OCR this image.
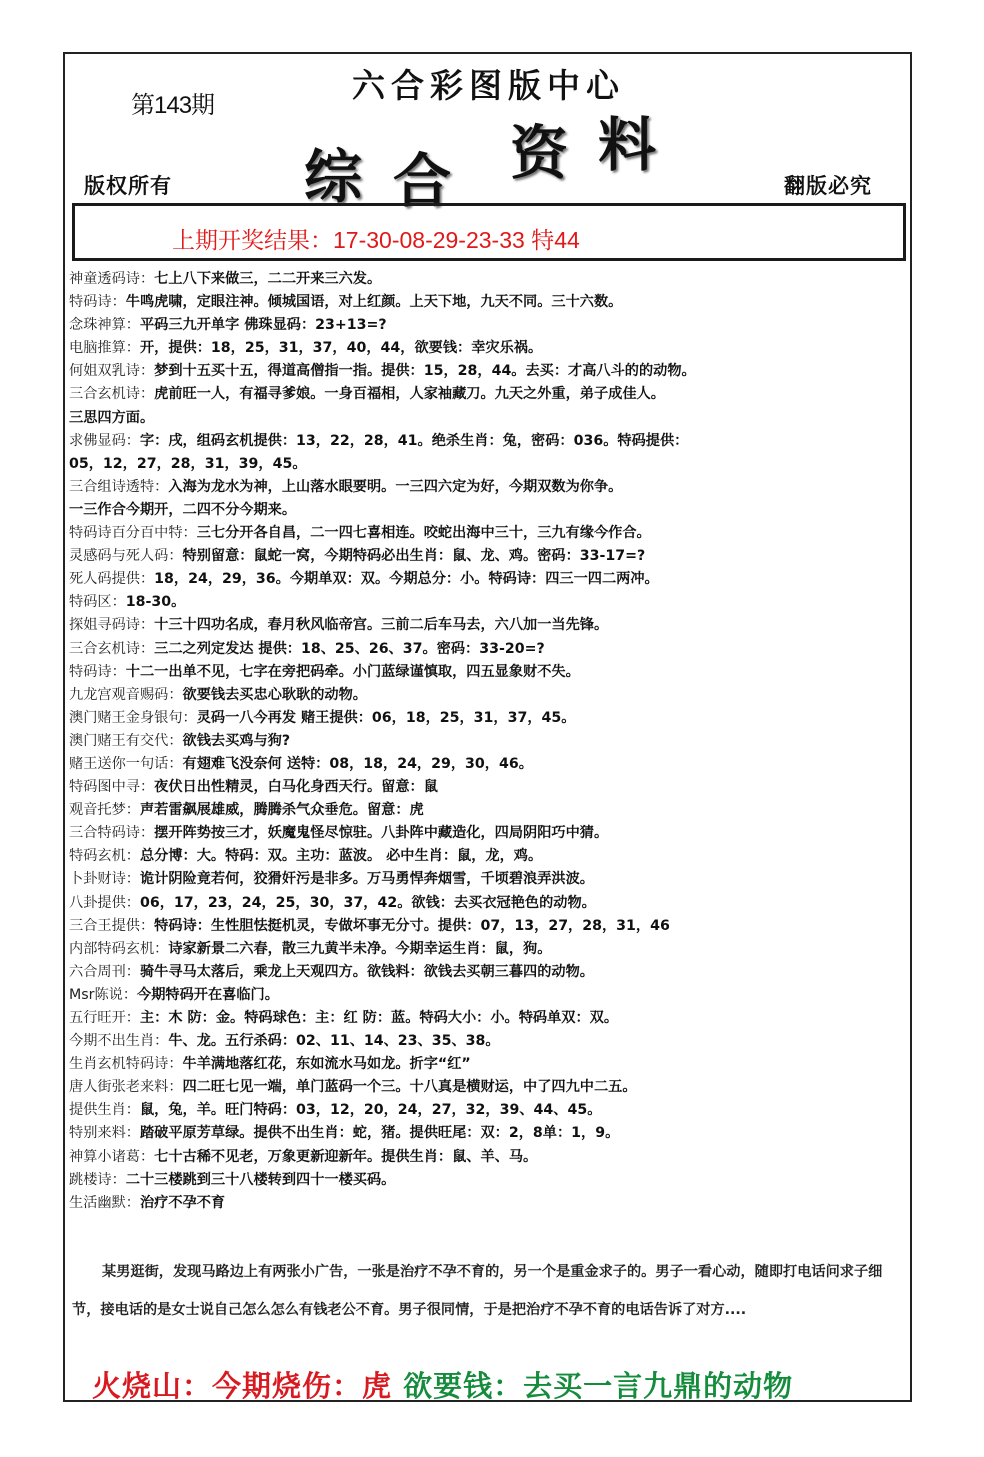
第143期
六合彩图版中心
综 合 资 料
版权所有	翻版必究
上期开奖结果：17-30-08-29-23-33 特44
神童透码诗：七上八下来做三，二二开来三六发。
特码诗：牛鸣虎啸，定眼注神。倾城国语，对上红颜。上天下地，九天不同。三十六数。
念珠神算：平码三九开单字 佛珠显码：23+13=?
电脑推算：开，提供：18，25，31，37，40，44，欲要钱：幸灾乐祸。
何姐双乳诗：梦到十五买十五，得道高僧指一指。提供：15，28，44。去买：才高八斗的的动物。
三合玄机诗：虎前旺一人，有福寻爹娘。一身百福相，人家袖藏刀。九天之外重，弟子成佳人。
三思四方面。
求佛显码：字：戌，组码玄机提供：13，22，28，41。绝杀生肖：兔，密码：036。特码提供：
05，12，27，28，31，39，45。
三合组诗透特：入海为龙水为神，上山落水眼要明。一三四六定为好，今期双数为你争。
一三作合今期开，二四不分今期来。
特码诗百分百中特：三七分开各自昌，二一四七喜相连。咬蛇出海中三十，三九有缘今作合。
灵感码与死人码：特别留意：鼠蛇一窝，今期特码必出生肖：鼠、龙、鸡。密码：33-17=?
死人码提供：18，24，29，36。今期单双：双。今期总分：小。特码诗：四三一四二两冲。
特码区：18-30。
探姐寻码诗：十三十四功名成，春月秋风临帝宫。三前二后车马去，六八加一当先锋。
三合玄机诗：三二之列定发达 提供：18、25、26、37。密码：33-20=?
特码诗：十二一出单不见，七字在旁把码牵。小门蓝绿谨慎取，四五显象财不失。
九龙宫观音赐码：欲要钱去买忠心耿耿的动物。
澳门赌王金身银句：灵码一八今再发 赌王提供：06，18，25，31，37，45。
澳门赌王有交代：欲钱去买鸡与狗?
赌王送你一句话：有翅难飞没奈何 送特：08，18，24，29，30，46。
特码图中寻：夜伏日出性精灵，白马化身西天行。留意：鼠
观音托梦：声若雷飙展雄威，腾腾杀气众垂危。留意：虎
三合特码诗：摆开阵势按三才，妖魔鬼怪尽惊驻。八卦阵中藏造化，四局阴阳巧中猜。
特码玄机：总分博：大。特码：双。主功：蓝波。 必中生肖：鼠，龙，鸡。
卜卦财诗：诡计阴险竟若何，狡猾奸污是非多。万马勇悍奔烟雪，千顷碧浪弄洪波。
八卦提供：06，17，23，24，25，30，37，42。欲钱：去买衣冠艳色的动物。
三合王提供：特码诗：生性胆怯挺机灵，专做坏事无分寸。提供：07，13，27，28，31，46
内部特码玄机：诗家新景二六春，散三九黄半未净。今期幸运生肖：鼠，狗。
六合周刊：骑牛寻马太落后，乘龙上天观四方。欲钱料：欲钱去买朝三暮四的动物。
Msr陈说：今期特码开在喜临门。
五行旺开：主：木 防：金。特码球色：主：红 防：蓝。特码大小：小。特码单双：双。
今期不出生肖：牛、龙。五行杀码：02、11、14、23、35、38。
生肖玄机特码诗：牛羊满地落红花，东如流水马如龙。折字“红”
唐人街张老来料：四二旺七见一端，单门蓝码一个三。十八真是横财运，中了四九中二五。
提供生肖：鼠，兔，羊。旺门特码：03，12，20，24，27，32，39、44、45。
特别来料：踏破平原芳草绿。提供不出生肖：蛇，猪。提供旺尾：双：2，8单：1，9。
神算小诸葛：七十古稀不见老，万象更新迎新年。提供生肖：鼠、羊、马。
跳楼诗：二十三楼跳到三十八楼转到四十一楼买码。
生活幽默：治疗不孕不育
某男逛街，发现马路边上有两张小广告，一张是治疗不孕不育的，另一个是重金求子的。男子一看心动，随即打电话问求子细节，接电话的是女士说自己怎么怎么有钱老公不育。男子很同情，于是把治疗不孕不育的电话告诉了对方....
火烧山：今期烧伤：虎 欲要钱：去买一言九鼎的动物
